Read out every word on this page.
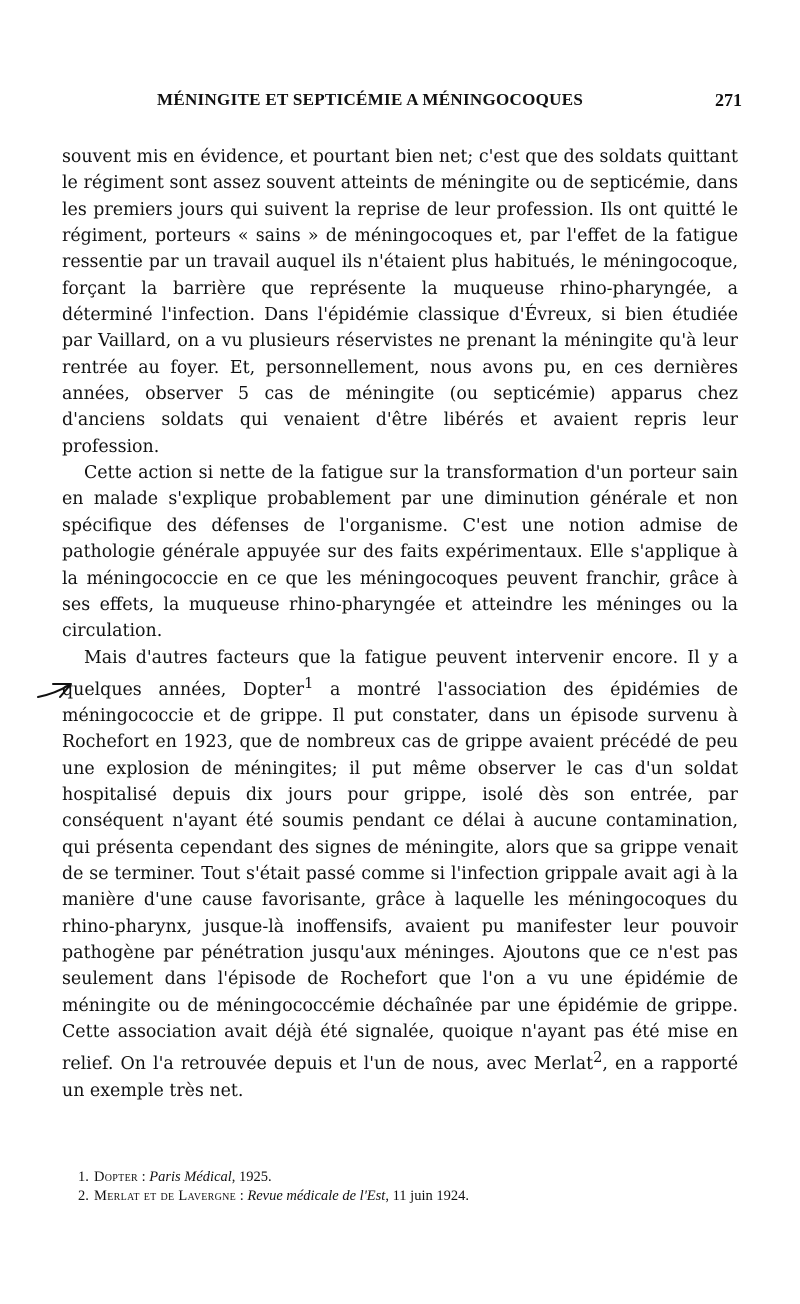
MÉNINGITE ET SEPTICÉMIE A MÉNINGOCOQUES	271

souvent mis en évidence, et pourtant bien net; c'est que des soldats quittant le régiment sont assez souvent atteints de méningite ou de septicémie, dans les premiers jours qui suivent la reprise de leur profession. Ils ont quitté le régiment, porteurs « sains » de méningocoques et, par l'effet de la fatigue ressentie par un travail auquel ils n'étaient plus habitués, le méningocoque, forçant la barrière que représente la muqueuse rhino-pharyngée, a déterminé l'infection. Dans l'épidémie classique d'Évreux, si bien étudiée par Vaillard, on a vu plusieurs réservistes ne prenant la méningite qu'à leur rentrée au foyer. Et, personnellement, nous avons pu, en ces dernières années, observer 5 cas de méningite (ou septicémie) apparus chez d'anciens soldats qui venaient d'être libérés et avaient repris leur profession.

Cette action si nette de la fatigue sur la transformation d'un porteur sain en malade s'explique probablement par une diminution générale et non spécifique des défenses de l'organisme. C'est une notion admise de pathologie générale appuyée sur des faits expérimentaux. Elle s'applique à la méningococcie en ce que les méningocoques peuvent franchir, grâce à ses effets, la muqueuse rhino-pharyngée et atteindre les méninges ou la circulation.

Mais d'autres facteurs que la fatigue peuvent intervenir encore. Il y a quelques années, Dopter$^1$ a montré l'association des épidémies de méningococcie et de grippe. Il put constater, dans un épisode survenu à Rochefort en 1923, que de nombreux cas de grippe avaient précédé de peu une explosion de méningites; il put même observer le cas d'un soldat hospitalisé depuis dix jours pour grippe, isolé dès son entrée, par conséquent n'ayant été soumis pendant ce délai à aucune contamination, qui présenta cependant des signes de méningite, alors que sa grippe venait de se terminer. Tout s'était passé comme si l'infection grippale avait agi à la manière d'une cause favorisante, grâce à laquelle les méningocoques du rhino-pharynx, jusque-là inoffensifs, avaient pu manifester leur pouvoir pathogène par pénétration jusqu'aux méninges. Ajoutons que ce n'est pas seulement dans l'épisode de Rochefort que l'on a vu une épidémie de méningite ou de méningococcémie déchaînée par une épidémie de grippe. Cette association avait déjà été signalée, quoique n'ayant pas été mise en relief. On l'a retrouvée depuis et l'un de nous, avec Merlat$^2$, en a rapporté un exemple très net.

1. Dopter : Paris Médical, 1925.
2. Merlat et de Lavergne : Revue médicale de l'Est, 11 juin 1924.
